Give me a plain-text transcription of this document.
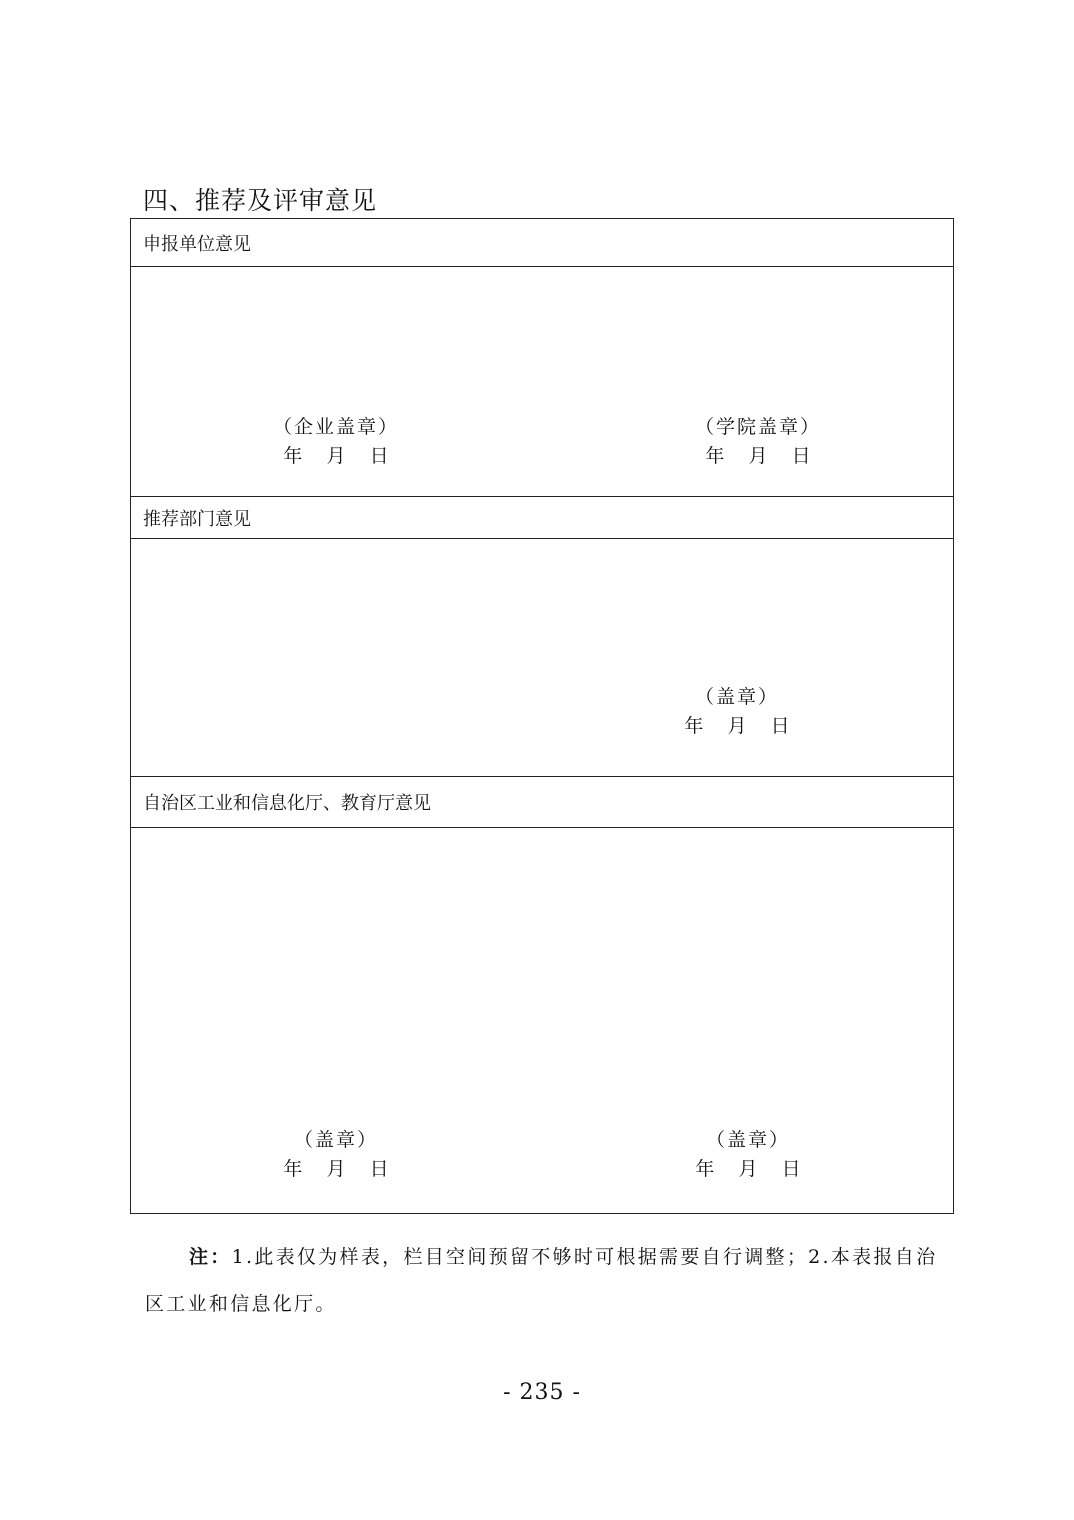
四、推荐及评审意见
申报单位意见
（企业盖章）
年    月    日
（学院盖章）
年    月    日
推荐部门意见
（盖章）
年    月    日
自治区工业和信息化厅、教育厅意见
（盖章）
年    月    日
（盖章）
年    月    日
注：1.此表仅为样表，栏目空间预留不够时可根据需要自行调整；2.本表报自治
区工业和信息化厅。
- 235 -
